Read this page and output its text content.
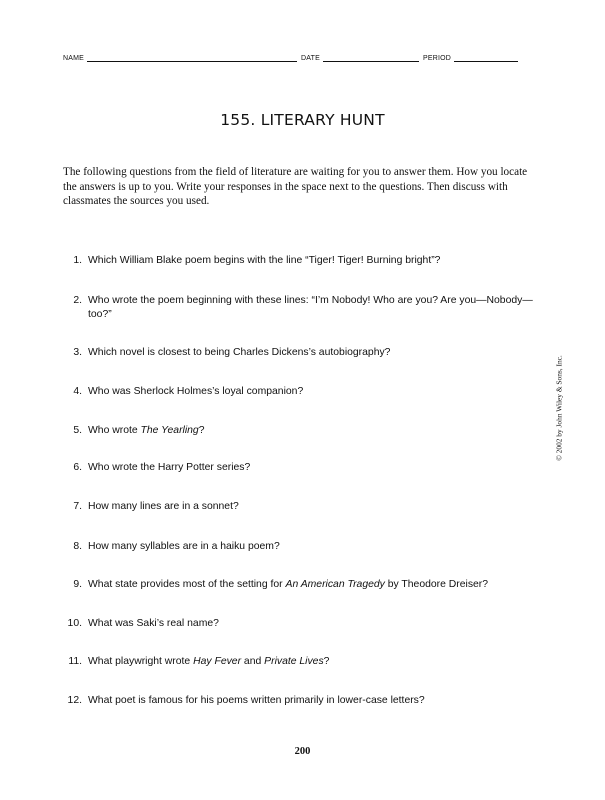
NAME	DATE	PERIOD
155. LITERARY HUNT
The following questions from the field of literature are waiting for you to answer them. How you locate the answers is up to you. Write your responses in the space next to the questions. Then discuss with classmates the sources you used.
1. Which William Blake poem begins with the line “Tiger! Tiger! Burning bright”?
2. Who wrote the poem beginning with these lines: “I’m Nobody! Who are you? Are you—Nobody—too?”
3. Which novel is closest to being Charles Dickens’s autobiography?
4. Who was Sherlock Holmes’s loyal companion?
5. Who wrote The Yearling?
6. Who wrote the Harry Potter series?
7. How many lines are in a sonnet?
8. How many syllables are in a haiku poem?
9. What state provides most of the setting for An American Tragedy by Theodore Dreiser?
10. What was Saki’s real name?
11. What playwright wrote Hay Fever and Private Lives?
12. What poet is famous for his poems written primarily in lower-case letters?
© 2002 by John Wiley & Sons, Inc.
200
